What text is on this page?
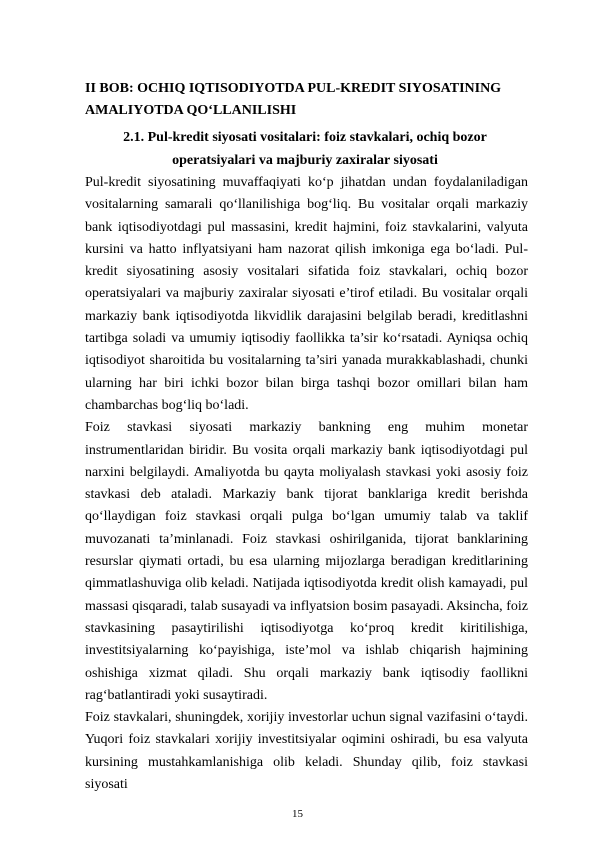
II BOB: OCHIQ IQTISODIYOTDA PUL-KREDIT SIYOSATINING AMALIYOTDA QO‘LLANILISHI
2.1. Pul-kredit siyosati vositalari: foiz stavkalari, ochiq bozor operatsiyalari va majburiy zaxiralar siyosati

Pul-kredit siyosatining muvaffaqiyati ko‘p jihatdan undan foydalaniladigan vositalarning samarali qo‘llanilishiga bog‘liq. Bu vositalar orqali markaziy bank iqtisodiyotdagi pul massasini, kredit hajmini, foiz stavkalarini, valyuta kursini va hatto inflyatsiyani ham nazorat qilish imkoniga ega bo‘ladi. Pul-kredit siyosatining asosiy vositalari sifatida foiz stavkalari, ochiq bozor operatsiyalari va majburiy zaxiralar siyosati e’tirof etiladi. Bu vositalar orqali markaziy bank iqtisodiyotda likvidlik darajasini belgilab beradi, kreditlashni tartibga soladi va umumiy iqtisodiy faollikka ta’sir ko‘rsatadi. Ayniqsa ochiq iqtisodiyot sharoitida bu vositalarning ta’siri yanada murakkablashadi, chunki ularning har biri ichki bozor bilan birga tashqi bozor omillari bilan ham chambarchas bog‘liq bo‘ladi.

Foiz stavkasi siyosati markaziy bankning eng muhim monetar instrumentlaridan biridir. Bu vosita orqali markaziy bank iqtisodiyotdagi pul narxini belgilaydi. Amaliyotda bu qayta moliyalash stavkasi yoki asosiy foiz stavkasi deb ataladi. Markaziy bank tijorat banklariga kredit berishda qo‘llaydigan foiz stavkasi orqali pulga bo‘lgan umumiy talab va taklif muvozanati ta’minlanadi. Foiz stavkasi oshirilganida, tijorat banklarining resurslar qiymati ortadi, bu esa ularning mijozlarga beradigan kreditlarining qimmatlashuviga olib keladi. Natijada iqtisodiyotda kredit olish kamayadi, pul massasi qisqaradi, talab susayadi va inflyatsion bosim pasayadi. Aksincha, foiz stavkasining pasaytirilishi iqtisodiyotga ko‘proq kredit kiritilishiga, investitsiyalarning ko‘payishiga, iste’mol va ishlab chiqarish hajmining oshishiga xizmat qiladi. Shu orqali markaziy bank iqtisodiy faollikni rag‘batlantiradi yoki susaytiradi.

Foiz stavkalari, shuningdek, xorijiy investorlar uchun signal vazifasini o‘taydi. Yuqori foiz stavkalari xorijiy investitsiyalar oqimini oshiradi, bu esa valyuta kursining mustahkamlanishiga olib keladi. Shunday qilib, foiz stavkasi siyosati

15
